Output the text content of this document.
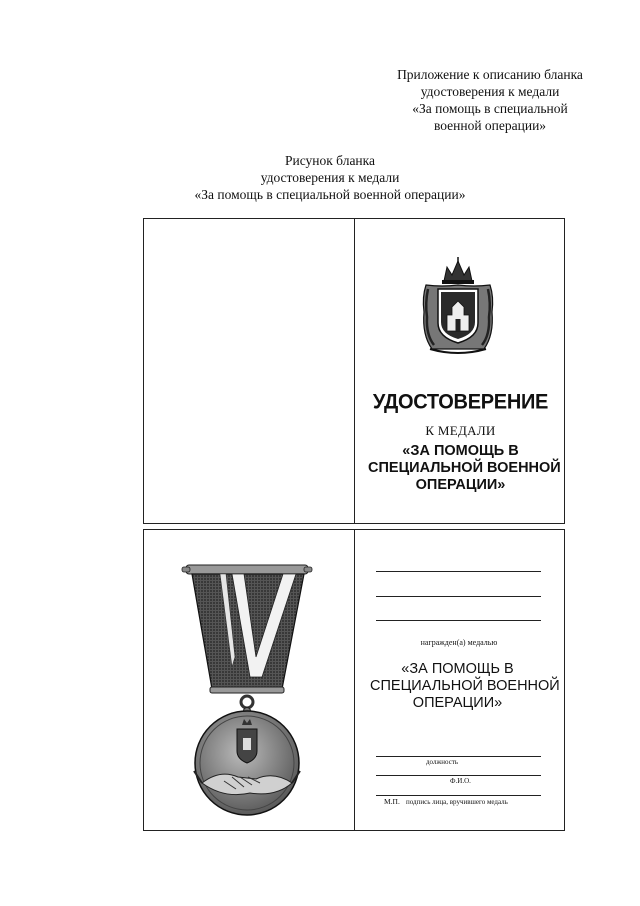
Приложение к описанию бланка
удостоверения к медали
«За помощь в специальной
военной операции»
Рисунок бланка
удостоверения к медали
«За помощь в специальной военной операции»
УДОСТОВЕРЕНИЕ
К МЕДАЛИ
«ЗА ПОМОЩЬ В
СПЕЦИАЛЬНОЙ ВОЕННОЙ
ОПЕРАЦИИ»
награжден(а) медалью
«ЗА ПОМОЩЬ В
СПЕЦИАЛЬНОЙ ВОЕННОЙ
ОПЕРАЦИИ»
должность
Ф.И.О.
М.П. подпись лица, вручившего медаль
